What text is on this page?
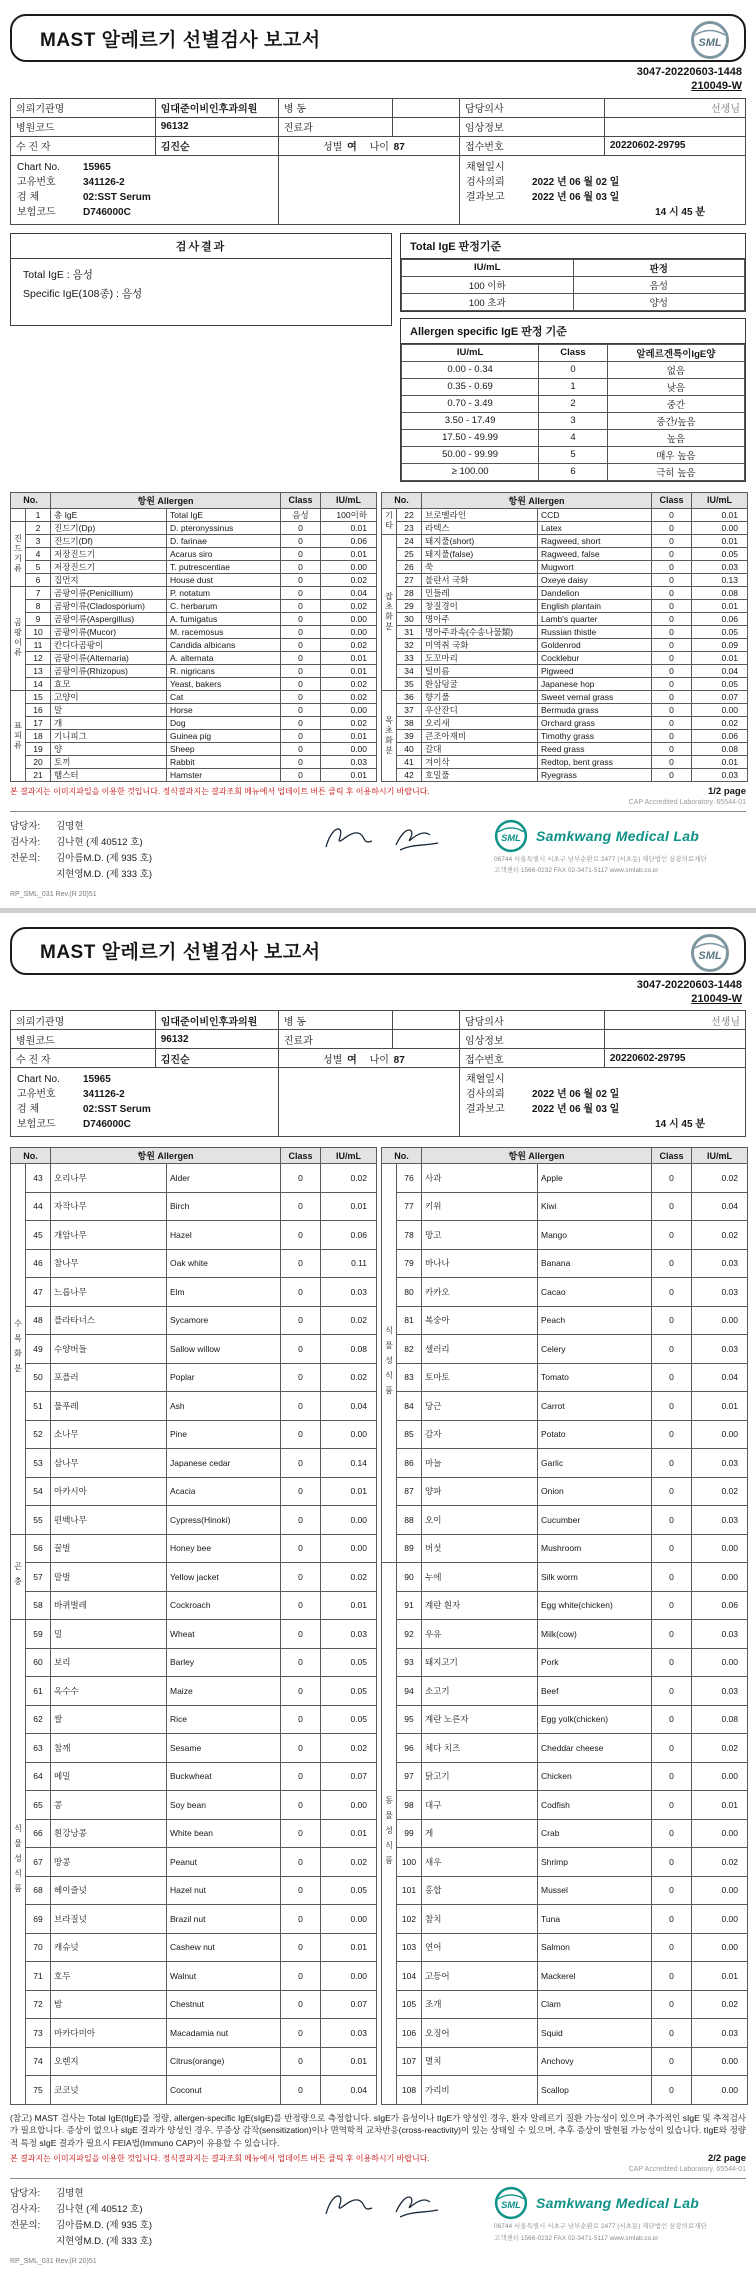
MAST 알레르기 선별검사 보고서	SML
3047-20220603-1448
210049-W
의뢰기관명	임대준이비인후과의원	병 동		담당의사	선생님
병원코드	96132	진료과		임상정보	
수 진 자	김진순	성별 여 나이 87		접수번호	20220602-29795

Chart No.	15965
고유번호	341126-2
검 체	02:SST Serum
보험코드	D746000C

채혈일시
검사의뢰	2022 년 06 월 02 일
결과보고	2022 년 06 월 03 일
14 시 45 분
검사결과
Total IgE : 음성
Specific IgE(108종) : 음성
Total IgE 판정기준
IU/mL	판정
100 이하	음성
100 초과	양성
Allergen specific IgE 판정 기준
IU/mL	Class	알레르겐특이IgE양
0.00 - 0.34	0	없음
0.35 - 0.69	1	낮음
0.70 - 3.49	2	중간
3.50 - 17.49	3	중간/높음
17.50 - 49.99	4	높음
50.00 - 99.99	5	매우 높음
≥ 100.00	6	극히 높음
No.		항원 Allergen		Class	IU/mL
	1	총 IgE	Total IgE	음성	100이하
진드기류	2	진드기(Dp)	D. pteronyssinus	0	0.01
	3	진드기(Df)	D. farinae	0	0.06
	4	저장진드기	Acarus siro	0	0.01
	5	저장진드기	T. putrescentiae	0	0.00
	6	집먼지	House dust	0	0.02
곰팡이류	7	곰팡이류(Penicillium)	P. notatum	0	0.04
	8	곰팡이류(Cladosporium)	C. herbarum	0	0.02
	9	곰팡이류(Aspergillus)	A. fumigatus	0	0.00
	10	곰팡이류(Mucor)	M. racemosus	0	0.00
	11	칸디다곰팡이	Candida albicans	0	0.02
	12	곰팡이류(Alternaria)	A. alternata	0	0.01
	13	곰팡이류(Rhizopus)	R. nigricans	0	0.01
	14	효모	Yeast, bakers	0	0.02
표피류	15	고양이	Cat	0	0.02
	16	말	Horse	0	0.00
	17	개	Dog	0	0.02
	18	기니피그	Guinea pig	0	0.01
	19	양	Sheep	0	0.00
	20	토끼	Rabbit	0	0.03
	21	햄스터	Hamster	0	0.01
No.		항원 Allergen		Class	IU/mL
기타	22	브로멜라인	CCD	0	0.01
	23	라텍스	Latex	0	0.00
잡초화분	24	돼지풀(short)	Ragweed, short	0	0.01
	25	돼지풀(false)	Ragweed, false	0	0.05
	26	쑥	Mugwort	0	0.03
	27	불란서 국화	Oxeye daisy	0	0.13
	28	민들레	Dandelion	0	0.08
	29	창질경이	English plantain	0	0.01
	30	명아주	Lamb's quarter	0	0.06
	31	명아주과속(수송나물類)	Russian thistle	0	0.05
	32	미역취 국화	Goldenrod	0	0.09
	33	도꼬마리	Cocklebur	0	0.01
	34	털비름	Pigweed	0	0.04
	35	환삼덩굴	Japanese hop	0	0.05
목초화분	36	향기풀	Sweet vernal grass	0	0.07
	37	우산잔디	Bermuda grass	0	0.00
	38	오리새	Orchard grass	0	0.02
	39	큰조아재비	Timothy grass	0	0.06
	40	갈대	Reed grass	0	0.08
	41	겨이삭	Redtop, bent grass	0	0.01
	42	호밀풀	Ryegrass	0	0.03
본 결과지는 이미지파일을 이용한 것입니다. 정식결과지는 결과조회 메뉴에서 업데이트 버튼 클릭 후 이용하시기 바랍니다.	1/2 page
CAP Accredited Laboratory. 65544-01
담당자: 김명현
검사자: 김나현 (제 40512 호)
전문의: 김아름M.D. (제 935 호)
지현영M.D. (제 333 호)
SML Samkwang Medical Lab
06744 서울특별시 서초구 남부순환로 2477 (서초동) 재단법인 삼광의료재단
고객센터 1566-0232 FAX 02-3471-5117 www.smlab.co.kr
RP_SML_031 Rev.(R 20)51
MAST 알레르기 선별검사 보고서	SML
3047-20220603-1448
210049-W
의뢰기관명	임대준이비인후과의원	병 동		담당의사	선생님
병원코드	96132	진료과		임상정보	
수 진 자	김진순	성별 여 나이 87		접수번호	20220602-29795

Chart No.	15965
고유번호	341126-2
검 체	02:SST Serum
보험코드	D746000C

채혈일시
검사의뢰	2022 년 06 월 02 일
결과보고	2022 년 06 월 03 일
14 시 45 분
No.		항원 Allergen		Class	IU/mL
수목화분	43	오리나무	Alder	0	0.02
	44	자작나무	Birch	0	0.01
	45	개암나무	Hazel	0	0.06
	46	참나무	Oak white	0	0.11
	47	느릅나무	Elm	0	0.03
	48	플라타너스	Sycamore	0	0.02
	49	수양버들	Sallow willow	0	0.08
	50	포플러	Poplar	0	0.02
	51	물푸레	Ash	0	0.04
	52	소나무	Pine	0	0.00
	53	삼나무	Japanese cedar	0	0.14
	54	아카시아	Acacia	0	0.01
	55	편백나무	Cypress(Hinoki)	0	0.00
곤충	56	꿀벌	Honey bee	0	0.00
	57	말벌	Yellow jacket	0	0.02
	58	바퀴벌레	Cockroach	0	0.01
식물성식품	59	밀	Wheat	0	0.03
	60	보리	Barley	0	0.05
	61	옥수수	Maize	0	0.05
	62	쌀	Rice	0	0.05
	63	참깨	Sesame	0	0.02
	64	메밀	Buckwheat	0	0.07
	65	콩	Soy bean	0	0.00
	66	흰강낭콩	White bean	0	0.01
	67	땅콩	Peanut	0	0.02
	68	헤이즐넛	Hazel nut	0	0.05
	69	브라질넛	Brazil nut	0	0.00
	70	캐슈넛	Cashew nut	0	0.01
	71	호두	Walnut	0	0.00
	72	밤	Chestnut	0	0.07
	73	마카다미아	Macadamia nut	0	0.03
	74	오렌지	Citrus(orange)	0	0.01
	75	코코넛	Coconut	0	0.04
No.		항원 Allergen		Class	IU/mL
식물성식품	76	사과	Apple	0	0.02
	77	키위	Kiwi	0	0.04
	78	망고	Mango	0	0.02
	79	바나나	Banana	0	0.03
	80	카카오	Cacao	0	0.03
	81	복숭아	Peach	0	0.00
	82	셀러리	Celery	0	0.03
	83	토마토	Tomato	0	0.04
	84	당근	Carrot	0	0.01
	85	감자	Potato	0	0.00
	86	마늘	Garlic	0	0.03
	87	양파	Onion	0	0.02
	88	오이	Cucumber	0	0.03
	89	버섯	Mushroom	0	0.00
동물성식품	90	누에	Silk worm	0	0.00
	91	계란 흰자	Egg white(chicken)	0	0.06
	92	우유	Milk(cow)	0	0.03
	93	돼지고기	Pork	0	0.00
	94	소고기	Beef	0	0.03
	95	계란 노른자	Egg yolk(chicken)	0	0.08
	96	체다 치즈	Cheddar cheese	0	0.02
	97	닭고기	Chicken	0	0.00
	98	대구	Codfish	0	0.01
	99	게	Crab	0	0.00
	100	새우	Shrimp	0	0.02
	101	홍합	Mussel	0	0.00
	102	참치	Tuna	0	0.00
	103	연어	Salmon	0	0.00
	104	고등어	Mackerel	0	0.01
	105	조개	Clam	0	0.02
	106	오징어	Squid	0	0.03
	107	멸치	Anchovy	0	0.00
	108	가리비	Scallop	0	0.00
(참고) MAST 검사는 Total IgE(tIgE)를 정량, allergen-specific IgE(sIgE)를 반정량으로 측정합니다. sIgE가 음성이나 tIgE가 양성인 경우, 환자 알레르기 질환 가능성이 있으며 추가적인 sIgE 및 추적검사가 필요합니다. 증상이 없으나 sIgE 결과가 양성인 경우, 무증상 감작(sensitization)이나 면역학적 교차반응(cross-reactivity)이 있는 상태일 수 있으며, 추후 증상이 발현될 가능성이 있습니다. tIgE와 정량적 특정 sIgE 결과가 필요시 FEIA법(Immuno CAP)이 유용할 수 있습니다.
본 결과지는 이미지파일을 이용한 것입니다. 정식결과지는 결과조회 메뉴에서 업데이트 버튼 클릭 후 이용하시기 바랍니다.	2/2 page
CAP Accredited Laboratory. 65544-01
담당자: 김명현
검사자: 김나현 (제 40512 호)
전문의: 김아름M.D. (제 935 호)
지현영M.D. (제 333 호)
SML Samkwang Medical Lab
06744 서울특별시 서초구 남부순환로 2477 (서초동) 재단법인 삼광의료재단
고객센터 1566-0232 FAX 02-3471-5117 www.smlab.co.kr
RP_SML_031 Rev.(R 20)51
